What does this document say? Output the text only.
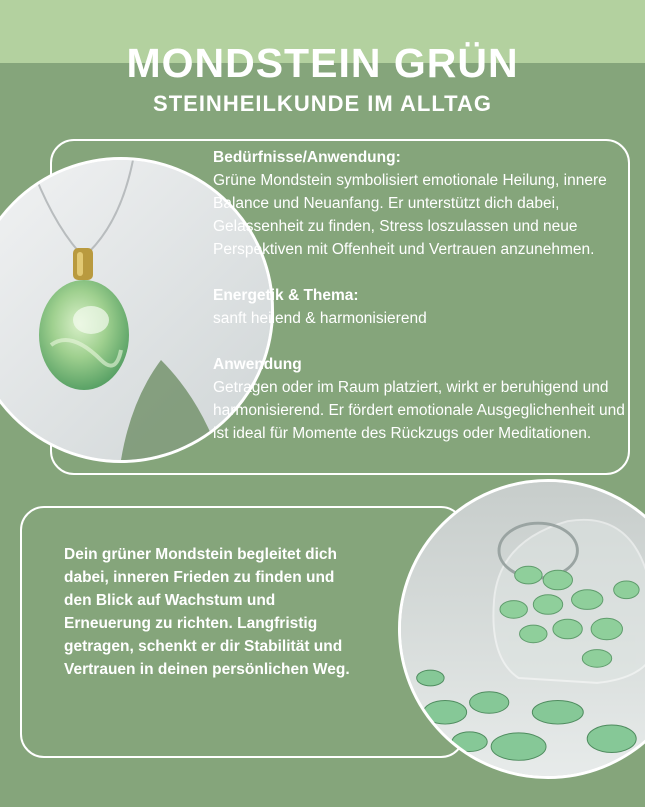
MONDSTEIN GRÜN
STEINHEILKUNDE IM ALLTAG

Bedürfnisse/Anwendung:

Grüne Mondstein symbolisiert emotionale Heilung, innere Balance und Neuanfang. Er unterstützt dich dabei, Gelassenheit zu finden, Stress loszulassen und neue Perspektiven mit Offenheit und Vertrauen anzunehmen.

Energetik & Thema:

sanft heilend & harmonisierend

Anwendung

Getragen oder im Raum platziert, wirkt er beruhigend und harmonisierend. Er fördert emotionale Ausgeglichenheit und ist ideal für Momente des Rückzugs oder Meditationen.

Dein grüner Mondstein begleitet dich dabei, inneren Frieden zu finden und den Blick auf Wachstum und Erneuerung zu richten. Langfristig getragen, schenkt er dir Stabilität und Vertrauen in deinen persönlichen Weg.
